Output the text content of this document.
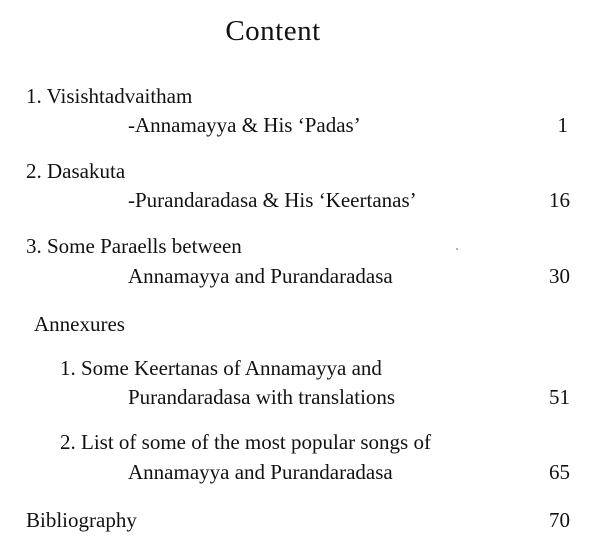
Content
1. Visishtadvaitham
-Annamayya & His ‘Padas’	1
2. Dasakuta
-Purandaradasa & His ‘Keertanas’	16
3. Some Paraells between
Annamayya and Purandaradasa	30
Annexures
1. Some Keertanas of Annamayya and
Purandaradasa with translations	51
2. List of some of the most popular songs of
Annamayya and Purandaradasa	65
Bibliography	70
